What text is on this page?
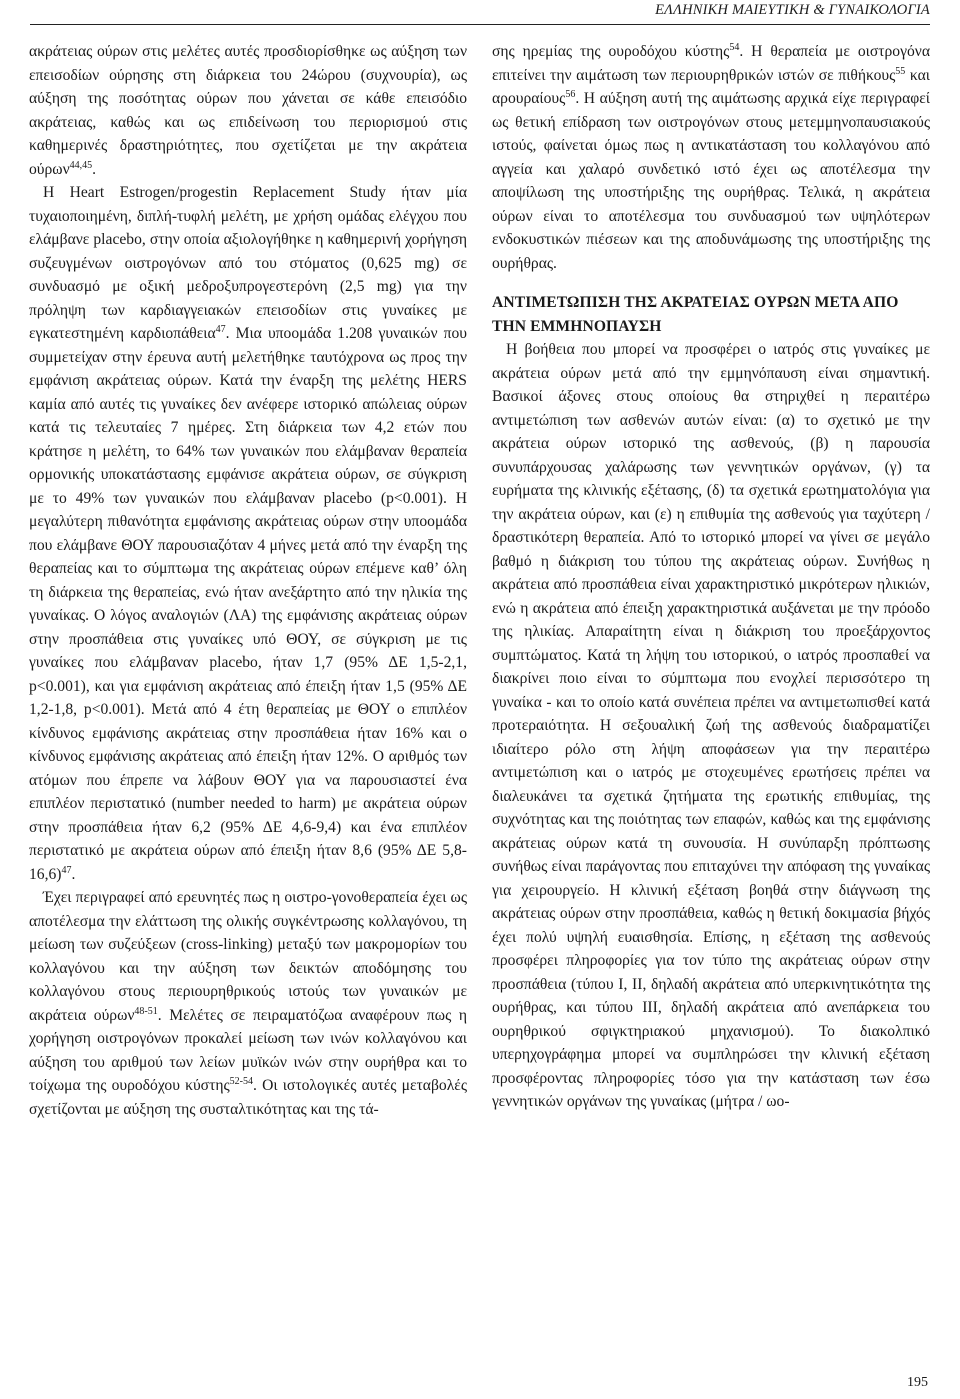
ΕΛΛΗΝΙΚΗ ΜΑΙΕΥΤΙΚΗ & ΓΥΝΑΙΚΟΛΟΓΙΑ

ακράτειας ούρων στις μελέτες αυτές προσδιορίσθηκε ως αύξηση των επεισοδίων ούρησης στη διάρκεια του 24ώρου (συχνουρία), ως αύξηση της ποσότητας ούρων που χάνεται σε κάθε επεισόδιο ακράτειας, καθώς και ως επιδείνωση του περιορισμού στις καθημερινές δραστηριότητες, που σχετίζεται με την ακράτεια ούρων$^{44,45}$.

Η Heart Estrogen/progestin Replacement Study ήταν μία τυχαιοποιημένη, διπλή-τυφλή μελέτη, με χρήση ομάδας ελέγχου που ελάμβανε placebo, στην οποία αξιολογήθηκε η καθημερινή χορήγηση συζευγμένων οιστρογόνων από του στόματος (0,625 mg) σε συνδυασμό με οξική μεδροξυπρογεστερόνη (2,5 mg) για την πρόληψη των καρδιαγγειακών επεισοδίων στις γυναίκες με εγκατεστημένη καρδιοπάθεια$^{47}$. Μια υποομάδα 1.208 γυναικών που συμμετείχαν στην έρευνα αυτή μελετήθηκε ταυτόχρονα ως προς την εμφάνιση ακράτειας ούρων. Κατά την έναρξη της μελέτης HERS καμία από αυτές τις γυναίκες δεν ανέφερε ιστορικό απώλειας ούρων κατά τις τελευταίες 7 ημέρες. Στη διάρκεια των 4,2 ετών που κράτησε η μελέτη, το 64% των γυναικών που ελάμβαναν θεραπεία ορμονικής υποκατάστασης εμφάνισε ακράτεια ούρων, σε σύγκριση με το 49% των γυναικών που ελάμβαναν placebo (p<0.001). Η μεγαλύτερη πιθανότητα εμφάνισης ακράτειας ούρων στην υποομάδα που ελάμβανε ΘΟΥ παρουσιαζόταν 4 μήνες μετά από την έναρξη της θεραπείας και το σύμπτωμα της ακράτειας ούρων επέμενε καθ’ όλη τη διάρκεια της θεραπείας, ενώ ήταν ανεξάρτητο από την ηλικία της γυναίκας. Ο λόγος αναλογιών (ΛΑ) της εμφάνισης ακράτειας ούρων στην προσπάθεια στις γυναίκες υπό ΘΟΥ, σε σύγκριση με τις γυναίκες που ελάμβαναν placebo, ήταν 1,7 (95% ΔΕ 1,5-2,1, p<0.001), και για εμφάνιση ακράτειας από έπειξη ήταν 1,5 (95% ΔΕ 1,2-1,8, p<0.001). Μετά από 4 έτη θεραπείας με ΘΟΥ ο επιπλέον κίνδυνος εμφάνισης ακράτειας στην προσπάθεια ήταν 16% και ο κίνδυνος εμφάνισης ακράτειας από έπειξη ήταν 12%. Ο αριθμός των ατόμων που έπρεπε να λάβουν ΘΟΥ για να παρουσιαστεί ένα επιπλέον περιστατικό (number needed to harm) με ακράτεια ούρων στην προσπάθεια ήταν 6,2 (95% ΔΕ 4,6-9,4) και ένα επιπλέον περιστατικό με ακράτεια ούρων από έπειξη ήταν 8,6 (95% ΔΕ 5,8-16,6)$^{47}$.

Έχει περιγραφεί από ερευνητές πως η οιστρο-γονοθεραπεία έχει ως αποτέλεσμα την ελάττωση της ολικής συγκέντρωσης κολλαγόνου, τη μείωση των συζεύξεων (cross-linking) μεταξύ των μακρομορίων του κολλαγόνου και την αύξηση των δεικτών αποδόμησης του κολλαγόνου στους περιουρηθρικούς ιστούς των γυναικών με ακράτεια ούρων$^{48-51}$. Μελέτες σε πειραματόζωα αναφέρουν πως η χορήγηση οιστρογόνων προκαλεί μείωση των ινών κολλαγόνου και αύξηση του αριθμού των λείων μυϊκών ινών στην ουρήθρα και το τοίχωμα της ουροδόχου κύστης$^{52-54}$. Οι ιστολογικές αυτές μεταβολές σχετίζονται με αύξηση της συσταλτικότητας και της τά-

σης ηρεμίας της ουροδόχου κύστης$^{54}$. Η θεραπεία με οιστρογόνα επιτείνει την αιμάτωση των περιουρηθρικών ιστών σε πιθήκους$^{55}$ και αρουραίους$^{56}$. Η αύξηση αυτή της αιμάτωσης αρχικά είχε περιγραφεί ως θετική επίδραση των οιστρογόνων στους μετεμμηνοπαυσιακούς ιστούς, φαίνεται όμως πως η αντικατάσταση του κολλαγόνου από αγγεία και χαλαρό συνδετικό ιστό έχει ως αποτέλεσμα την αποψίλωση της υποστήριξης της ουρήθρας. Τελικά, η ακράτεια ούρων είναι το αποτέλεσμα του συνδυασμού των υψηλότερων ενδοκυστικών πιέσεων και της αποδυνάμωσης της υποστήριξης της ουρήθρας.

ΑΝΤΙΜΕΤΩΠΙΣΗ ΤΗΣ ΑΚΡΑΤΕΙΑΣ ΟΥΡΩΝ ΜΕΤΑ ΑΠΟ ΤΗΝ ΕΜΜΗΝΟΠΑΥΣΗ

Η βοήθεια που μπορεί να προσφέρει ο ιατρός στις γυναίκες με ακράτεια ούρων μετά από την εμμηνόπαυση είναι σημαντική. Βασικοί άξονες στους οποίους θα στηριχθεί η περαιτέρω αντιμετώπιση των ασθενών αυτών είναι: (α) το σχετικό με την ακράτεια ούρων ιστορικό της ασθενούς, (β) η παρουσία συνυπάρχουσας χαλάρωσης των γεννητικών οργάνων, (γ) τα ευρήματα της κλινικής εξέτασης, (δ) τα σχετικά ερωτηματολόγια για την ακράτεια ούρων, και (ε) η επιθυμία της ασθενούς για ταχύτερη / δραστικότερη θεραπεία. Από το ιστορικό μπορεί να γίνει σε μεγάλο βαθμό η διάκριση του τύπου της ακράτειας ούρων. Συνήθως η ακράτεια από προσπάθεια είναι χαρακτηριστικό μικρότερων ηλικιών, ενώ η ακράτεια από έπειξη χαρακτηριστικά αυξάνεται με την πρόοδο της ηλικίας. Απαραίτητη είναι η διάκριση του προεξάρχοντος συμπτώματος. Κατά τη λήψη του ιστορικού, ο ιατρός προσπαθεί να διακρίνει ποιο είναι το σύμπτωμα που ενοχλεί περισσότερο τη γυναίκα - και το οποίο κατά συνέπεια πρέπει να αντιμετωπισθεί κατά προτεραιότητα. Η σεξουαλική ζωή της ασθενούς διαδραματίζει ιδιαίτερο ρόλο στη λήψη αποφάσεων για την περαιτέρω αντιμετώπιση και ο ιατρός με στοχευμένες ερωτήσεις πρέπει να διαλευκάνει τα σχετικά ζητήματα της ερωτικής επιθυμίας, της συχνότητας και της ποιότητας των επαφών, καθώς και της εμφάνισης ακράτειας ούρων κατά τη συνουσία. Η συνύπαρξη πρόπτωσης συνήθως είναι παράγοντας που επιταχύνει την απόφαση της γυναίκας για χειρουργείο. Η κλινική εξέταση βοηθά στην διάγνωση της ακράτειας ούρων στην προσπάθεια, καθώς η θετική δοκιμασία βήχός έχει πολύ υψηλή ευαισθησία. Επίσης, η εξέταση της ασθενούς προσφέρει πληροφορίες για τον τύπο της ακράτειας ούρων στην προσπάθεια (τύπου Ι, ΙΙ, δηλαδή ακράτεια από υπερκινητικότητα της ουρήθρας, και τύπου ΙΙΙ, δηλαδή ακράτεια από ανεπάρκεια του ουρηθρικού σφιγκτηριακού μηχανισμού). Το διακολπικό υπερηχογράφημα μπορεί να συμπληρώσει την κλινική εξέταση προσφέροντας πληροφορίες τόσο για την κατάσταση των έσω γεννητικών οργάνων της γυναίκας (μήτρα / ωο-

195
